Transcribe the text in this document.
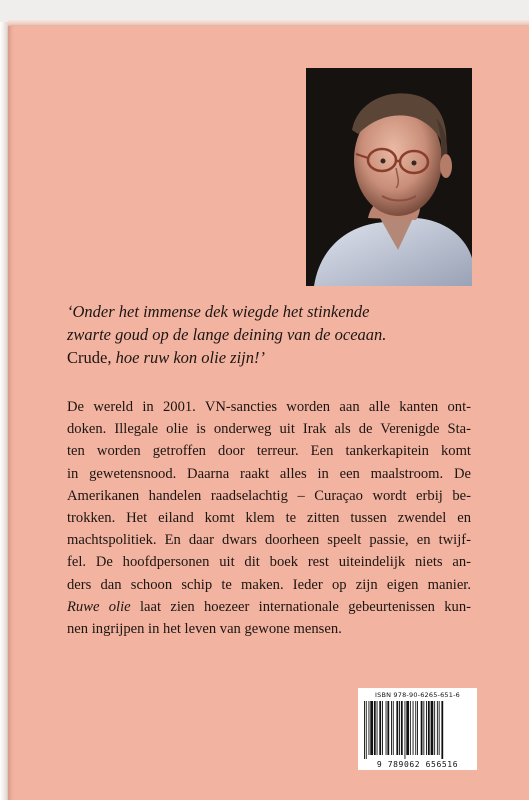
‘Onder het immense dek wiegde het stinkende
zwarte goud op de lange deining van de oceaan.
Crude, hoe ruw kon olie zijn!’
De wereld in 2001. VN-sancties worden aan alle kanten ont-
doken. Illegale olie is onderweg uit Irak als de Verenigde Sta-
ten worden getroffen door terreur. Een tankerkapitein komt
in gewetensnood. Daarna raakt alles in een maalstroom. De
Amerikanen handelen raadselachtig – Curaçao wordt erbij be-
trokken. Het eiland komt klem te zitten tussen zwendel en
machtspolitiek. En daar dwars doorheen speelt passie, en twijf-
fel. De hoofdpersonen uit dit boek rest uiteindelijk niets an-
ders dan schoon schip te maken. Ieder op zijn eigen manier.
Ruwe olie laat zien hoezeer internationale gebeurtenissen kun-
nen ingrijpen in het leven van gewone mensen.
ISBN 978-90-6265-651-6
9 789062 656516
